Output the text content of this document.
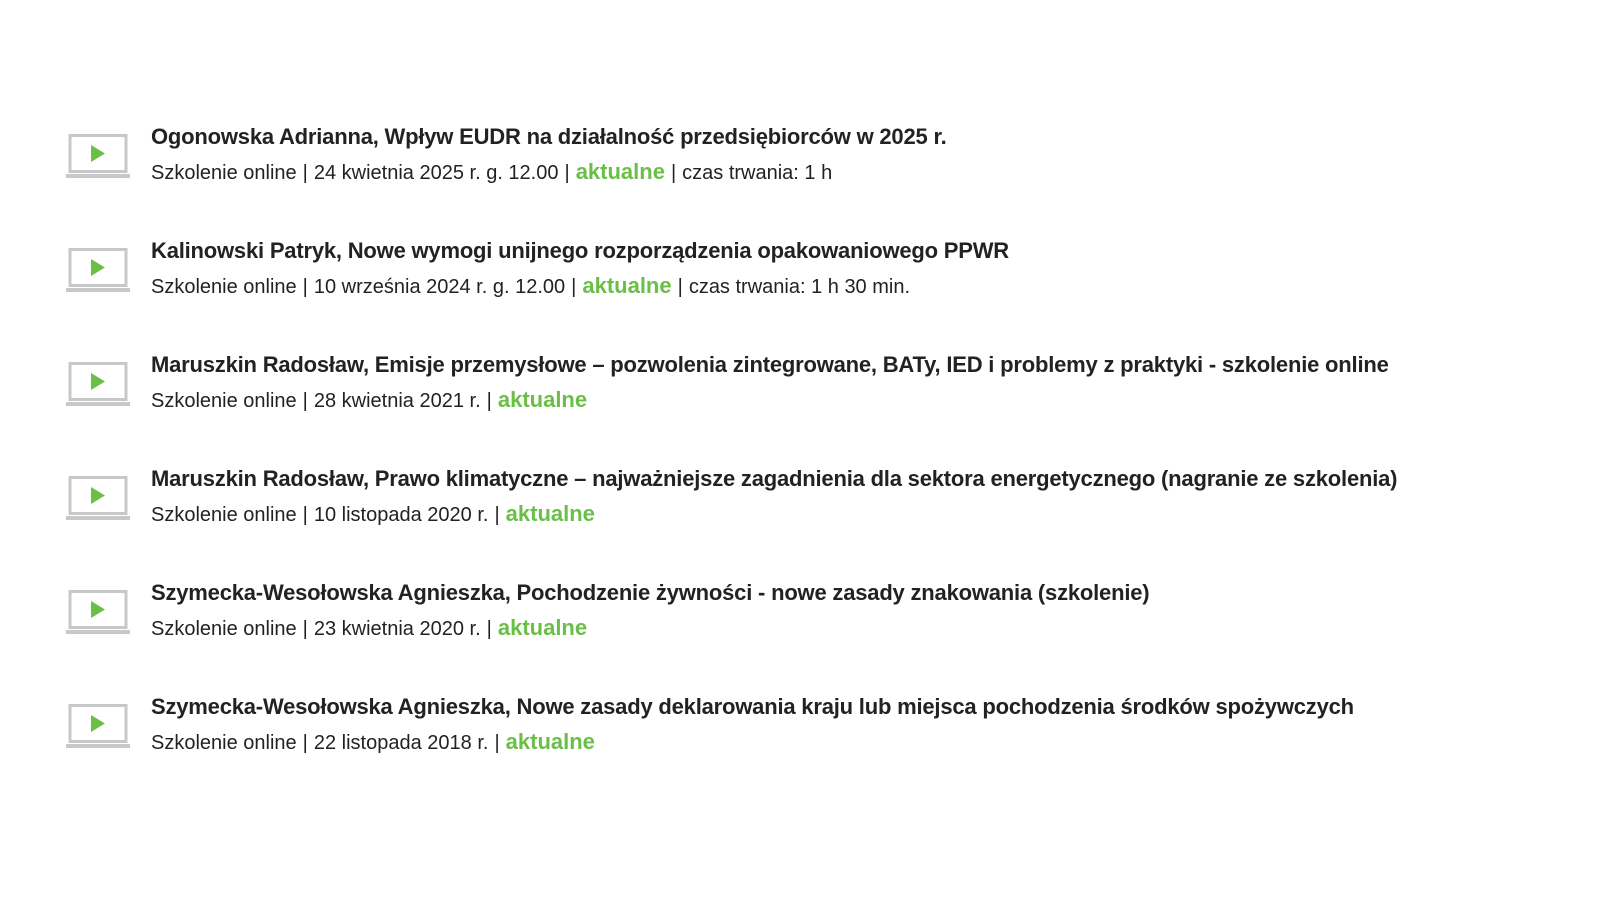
Ogonowska Adrianna, Wpływ EUDR na działalność przedsiębiorców w 2025 r.
Szkolenie online | 24 kwietnia 2025 r. g. 12.00 | aktualne | czas trwania: 1 h
Kalinowski Patryk, Nowe wymogi unijnego rozporządzenia opakowaniowego PPWR
Szkolenie online | 10 września 2024 r. g. 12.00 | aktualne | czas trwania: 1 h 30 min.
Maruszkin Radosław, Emisje przemysłowe – pozwolenia zintegrowane, BATy, IED i problemy z praktyki - szkolenie online
Szkolenie online | 28 kwietnia 2021 r. | aktualne
Maruszkin Radosław, Prawo klimatyczne – najważniejsze zagadnienia dla sektora energetycznego (nagranie ze szkolenia)
Szkolenie online | 10 listopada 2020 r. | aktualne
Szymecka-Wesołowska Agnieszka, Pochodzenie żywności - nowe zasady znakowania (szkolenie)
Szkolenie online | 23 kwietnia 2020 r. | aktualne
Szymecka-Wesołowska Agnieszka, Nowe zasady deklarowania kraju lub miejsca pochodzenia środków spożywczych
Szkolenie online | 22 listopada 2018 r. | aktualne
